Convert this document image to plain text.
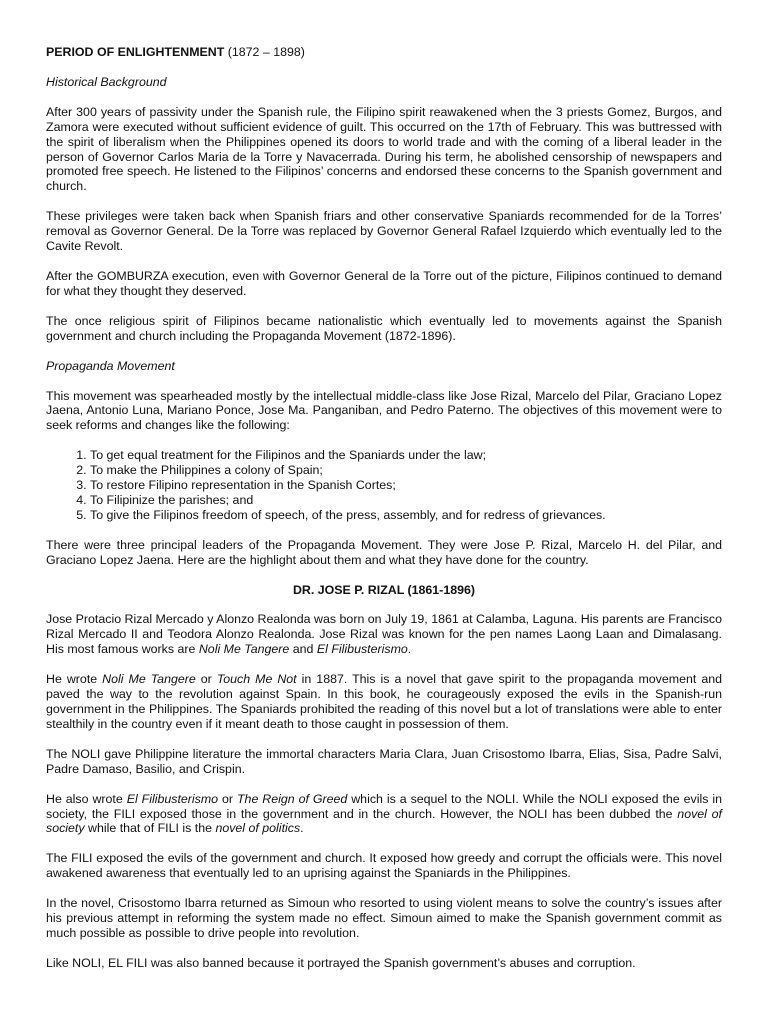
PERIOD OF ENLIGHTENMENT (1872 – 1898)

Historical Background

After 300 years of passivity under the Spanish rule, the Filipino spirit reawakened when the 3 priests Gomez, Burgos, and Zamora were executed without sufficient evidence of guilt. This occurred on the 17th of February. This was buttressed with the spirit of liberalism when the Philippines opened its doors to world trade and with the coming of a liberal leader in the person of Governor Carlos Maria de la Torre y Navacerrada. During his term, he abolished censorship of newspapers and promoted free speech. He listened to the Filipinos’ concerns and endorsed these concerns to the Spanish government and church.

These privileges were taken back when Spanish friars and other conservative Spaniards recommended for de la Torres’ removal as Governor General. De la Torre was replaced by Governor General Rafael Izquierdo which eventually led to the Cavite Revolt.

After the GOMBURZA execution, even with Governor General de la Torre out of the picture, Filipinos continued to demand for what they thought they deserved.

The once religious spirit of Filipinos became nationalistic which eventually led to movements against the Spanish government and church including the Propaganda Movement (1872-1896).

Propaganda Movement

This movement was spearheaded mostly by the intellectual middle-class like Jose Rizal, Marcelo del Pilar, Graciano Lopez Jaena, Antonio Luna, Mariano Ponce, Jose Ma. Panganiban, and Pedro Paterno. The objectives of this movement were to seek reforms and changes like the following:

1. To get equal treatment for the Filipinos and the Spaniards under the law;
2. To make the Philippines a colony of Spain;
3. To restore Filipino representation in the Spanish Cortes;
4. To Filipinize the parishes; and
5. To give the Filipinos freedom of speech, of the press, assembly, and for redress of grievances.

There were three principal leaders of the Propaganda Movement. They were Jose P. Rizal, Marcelo H. del Pilar, and Graciano Lopez Jaena. Here are the highlight about them and what they have done for the country.

DR. JOSE P. RIZAL (1861-1896)

Jose Protacio Rizal Mercado y Alonzo Realonda was born on July 19, 1861 at Calamba, Laguna. His parents are Francisco Rizal Mercado II and Teodora Alonzo Realonda. Jose Rizal was known for the pen names Laong Laan and Dimalasang. His most famous works are Noli Me Tangere and El Filibusterismo.

He wrote Noli Me Tangere or Touch Me Not in 1887. This is a novel that gave spirit to the propaganda movement and paved the way to the revolution against Spain. In this book, he courageously exposed the evils in the Spanish-run government in the Philippines. The Spaniards prohibited the reading of this novel but a lot of translations were able to enter stealthily in the country even if it meant death to those caught in possession of them.

The NOLI gave Philippine literature the immortal characters Maria Clara, Juan Crisostomo Ibarra, Elias, Sisa, Padre Salvi, Padre Damaso, Basilio, and Crispin.

He also wrote El Filibusterismo or The Reign of Greed which is a sequel to the NOLI. While the NOLI exposed the evils in society, the FILI exposed those in the government and in the church. However, the NOLI has been dubbed the novel of society while that of FILI is the novel of politics.

The FILI exposed the evils of the government and church. It exposed how greedy and corrupt the officials were. This novel awakened awareness that eventually led to an uprising against the Spaniards in the Philippines.

In the novel, Crisostomo Ibarra returned as Simoun who resorted to using violent means to solve the country’s issues after his previous attempt in reforming the system made no effect. Simoun aimed to make the Spanish government commit as much possible as possible to drive people into revolution.

Like NOLI, EL FILI was also banned because it portrayed the Spanish government’s abuses and corruption.
